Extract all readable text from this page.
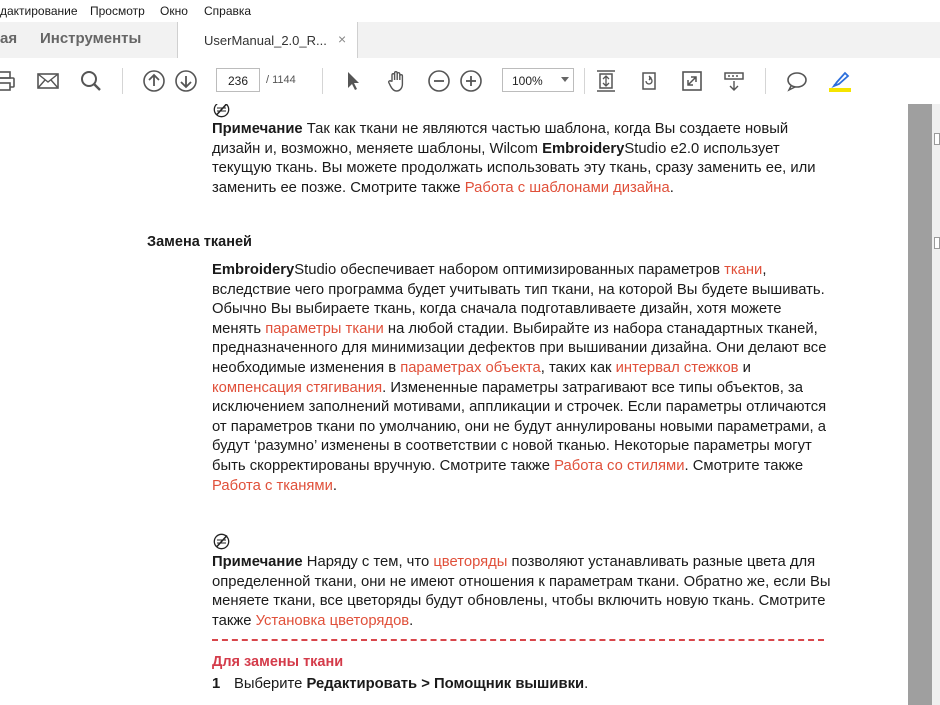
дактирование Просмотр Окно Справка
ая Инструменты	UserManual_2.0_R... ×
236	/ 1144	100%

Примечание Так как ткани не являются частью шаблона, когда Вы создаете новый дизайн и, возможно, меняете шаблоны, Wilcom EmbroideryStudio e2.0 использует текущую ткань. Вы можете продолжать использовать эту ткань, сразу заменить ее, или заменить ее позже. Смотрите также Работа с шаблонами дизайна.

Замена тканей

EmbroideryStudio обеспечивает набором оптимизированных параметров ткани, вследствие чего программа будет учитывать тип ткани, на которой Вы будете вышивать. Обычно Вы выбираете ткань, когда сначала подготавливаете дизайн, хотя можете менять параметры ткани на любой стадии. Выбирайте из набора станадартных тканей, предназначенного для минимизации дефектов при вышивании дизайна. Они делают все необходимые изменения в параметрах объекта, таких как интервал стежков и компенсация стягивания. Измененные параметры затрагивают все типы объектов, за исключением заполнений мотивами, аппликации и строчек. Если параметры отличаются от параметров ткани по умолчанию, они не будут аннулированы новыми параметрами, а будут ‘разумно’ изменены в соответствии с новой тканью. Некоторые параметры могут быть скорректированы вручную. Смотрите также Работа со стилями. Смотрите также Работа с тканями.

Примечание Наряду с тем, что цветоряды позволяют устанавливать разные цвета для определенной ткани, они не имеют отношения к параметрам ткани. Обратно же, если Вы меняете ткани, все цветоряды будут обновлены, чтобы включить новую ткань. Смотрите также Установка цветорядов.

Для замены ткани
1 Выберите Редактировать > Помощник вышивки.
